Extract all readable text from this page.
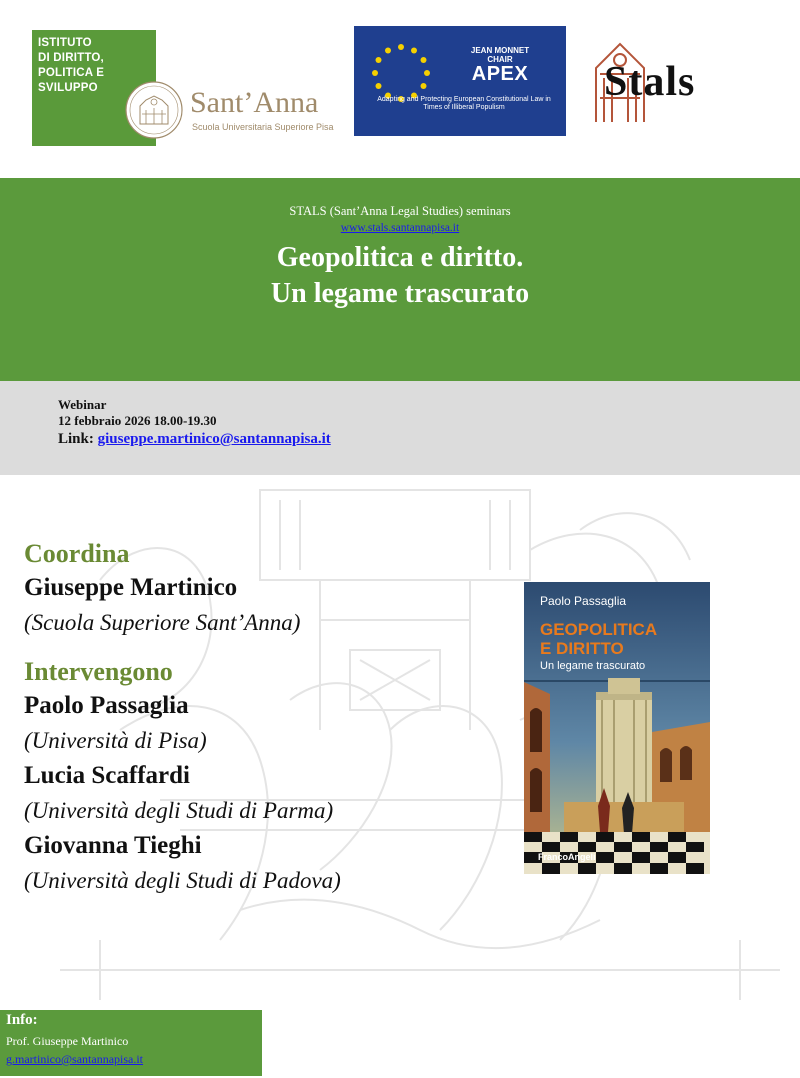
ISTITUTO
DI DIRITTO,
POLITICA E
SVILUPPO	Sant’Anna
Scuola Universitaria Superiore Pisa
JEAN MONNET
CHAIR
APEX
Adapting and Protecting European Constitutional Law in Times of Illiberal Populism
Stals
STALS (Sant’Anna Legal Studies) seminars
www.stals.santannapisa.it
Geopolitica e diritto.
Un legame trascurato
Webinar
12 febbraio 2026 18.00-19.30
Link: giuseppe.martinico@santannapisa.it
Coordina
Giuseppe Martinico
(Scuola Superiore Sant’Anna)
Intervengono
Paolo Passaglia
(Università di Pisa)
Lucia Scaffardi
(Università degli Studi di Parma)
Giovanna Tieghi
(Università degli Studi di Padova)
Paolo Passaglia
GEOPOLITICA
E DIRITTO
Un legame trascurato
FrancoAngeli
Info:
Prof. Giuseppe Martinico
g.martinico@santannapisa.it
